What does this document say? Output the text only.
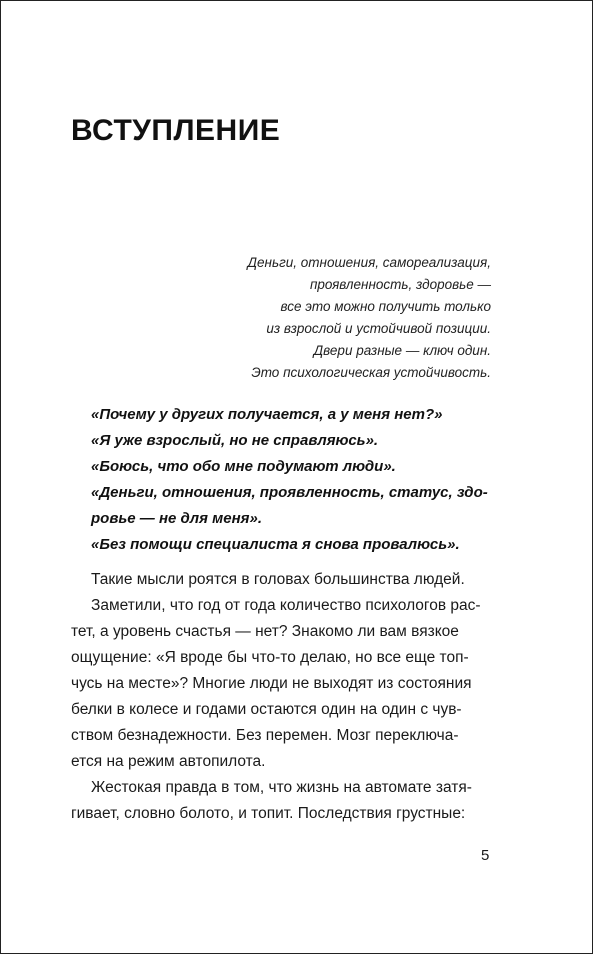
ВСТУПЛЕНИЕ
Деньги, отношения, самореализация,
проявленность, здоровье —
все это можно получить только
из взрослой и устойчивой позиции.
Двери разные — ключ один.
Это психологическая устойчивость.
«Почему у других получается, а у меня нет?»
«Я уже взрослый, но не справляюсь».
«Боюсь, что обо мне подумают люди».
«Деньги, отношения, проявленность, статус, здо-
ровье — не для меня».
«Без помощи специалиста я снова провалюсь».
Такие мысли роятся в головах большинства людей.
Заметили, что год от года количество психологов рас-
тет, а уровень счастья — нет? Знакомо ли вам вязкое
ощущение: «Я вроде бы что-то делаю, но все еще топ-
чусь на месте»? Многие люди не выходят из состояния
белки в колесе и годами остаются один на один с чув-
ством безнадежности. Без перемен. Мозг переключа-
ется на режим автопилота.
Жестокая правда в том, что жизнь на автомате затя-
гивает, словно болото, и топит. Последствия грустные:
5
